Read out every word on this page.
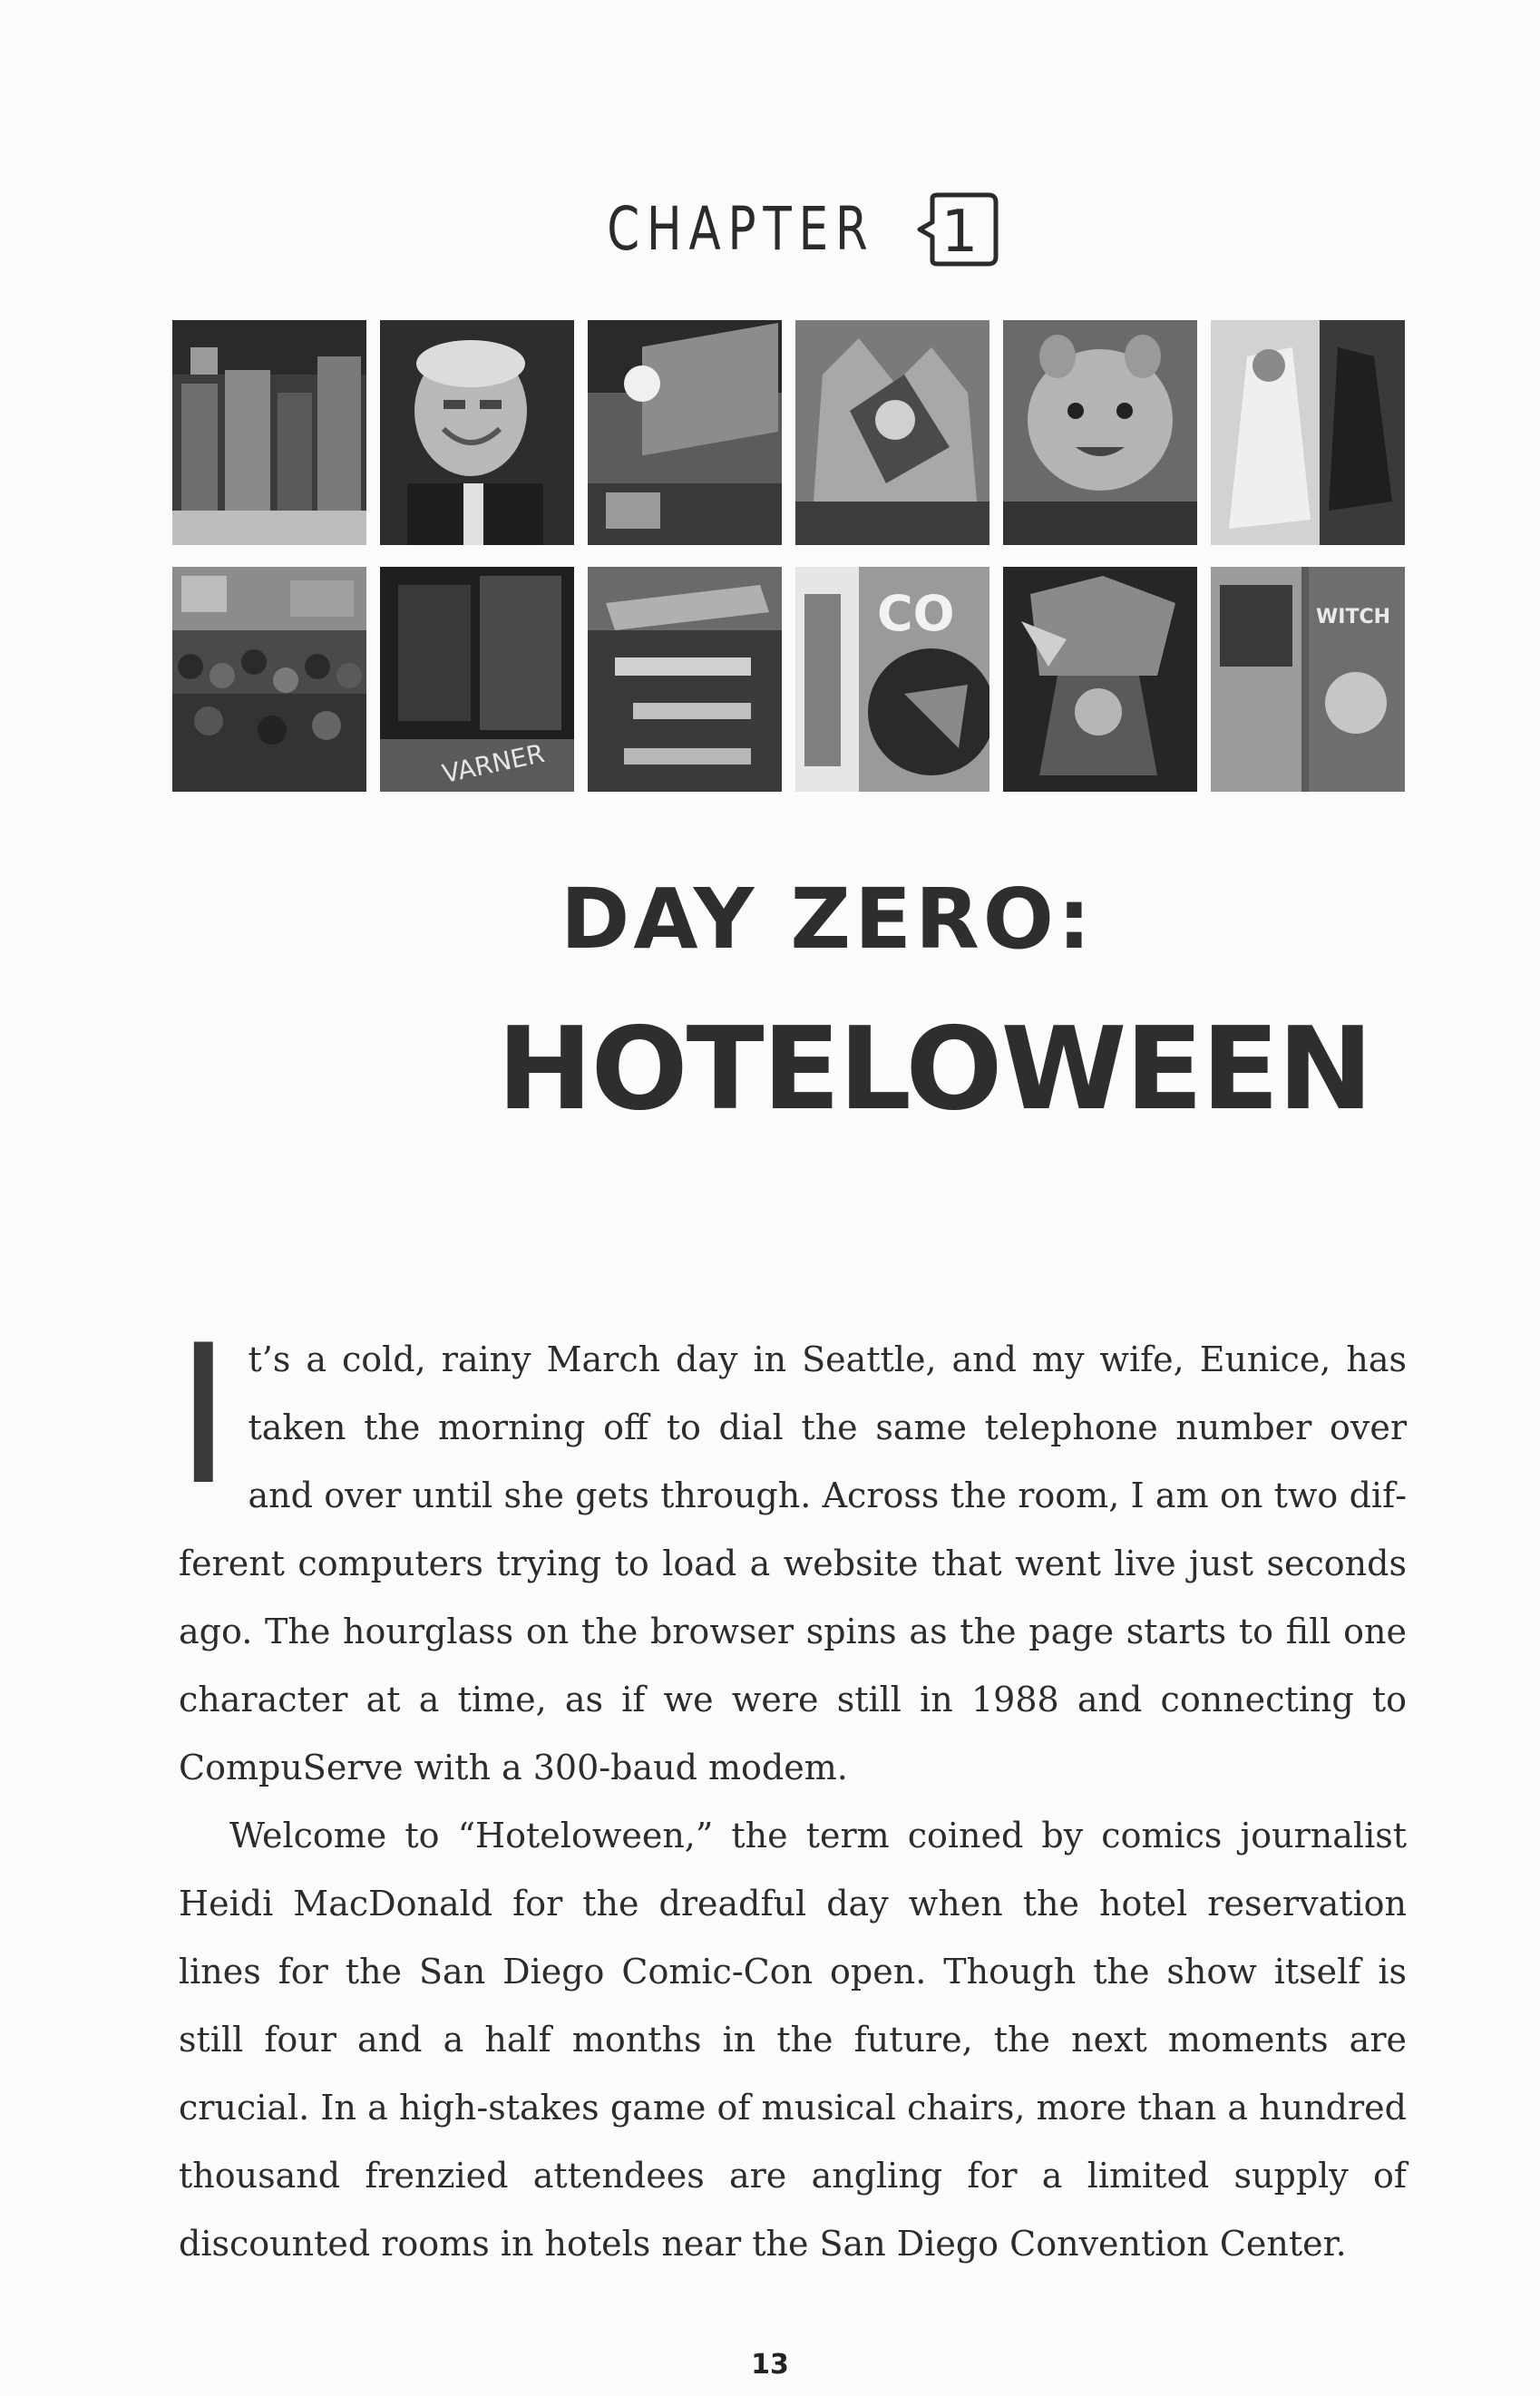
CHAPTER 1
VARNER
CO	WITCH
DAY ZERO:
HOTELOWEEN

It’s a cold, rainy March day in Seattle, and my wife, Eunice, has taken the morning off to dial the same telephone number over and over until she gets through. Across the room, I am on two different computers trying to load a website that went live just seconds ago. The hourglass on the browser spins as the page starts to fill one character at a time, as if we were still in 1988 and connecting to CompuServe with a 300-baud modem.

Welcome to “Hoteloween,” the term coined by comics journalist Heidi MacDonald for the dreadful day when the hotel reservation lines for the San Diego Comic-Con open. Though the show itself is still four and a half months in the future, the next moments are crucial. In a high-stakes game of musical chairs, more than a hundred thousand frenzied attendees are angling for a limited supply of discounted rooms in hotels near the San Diego Convention Center.

13
